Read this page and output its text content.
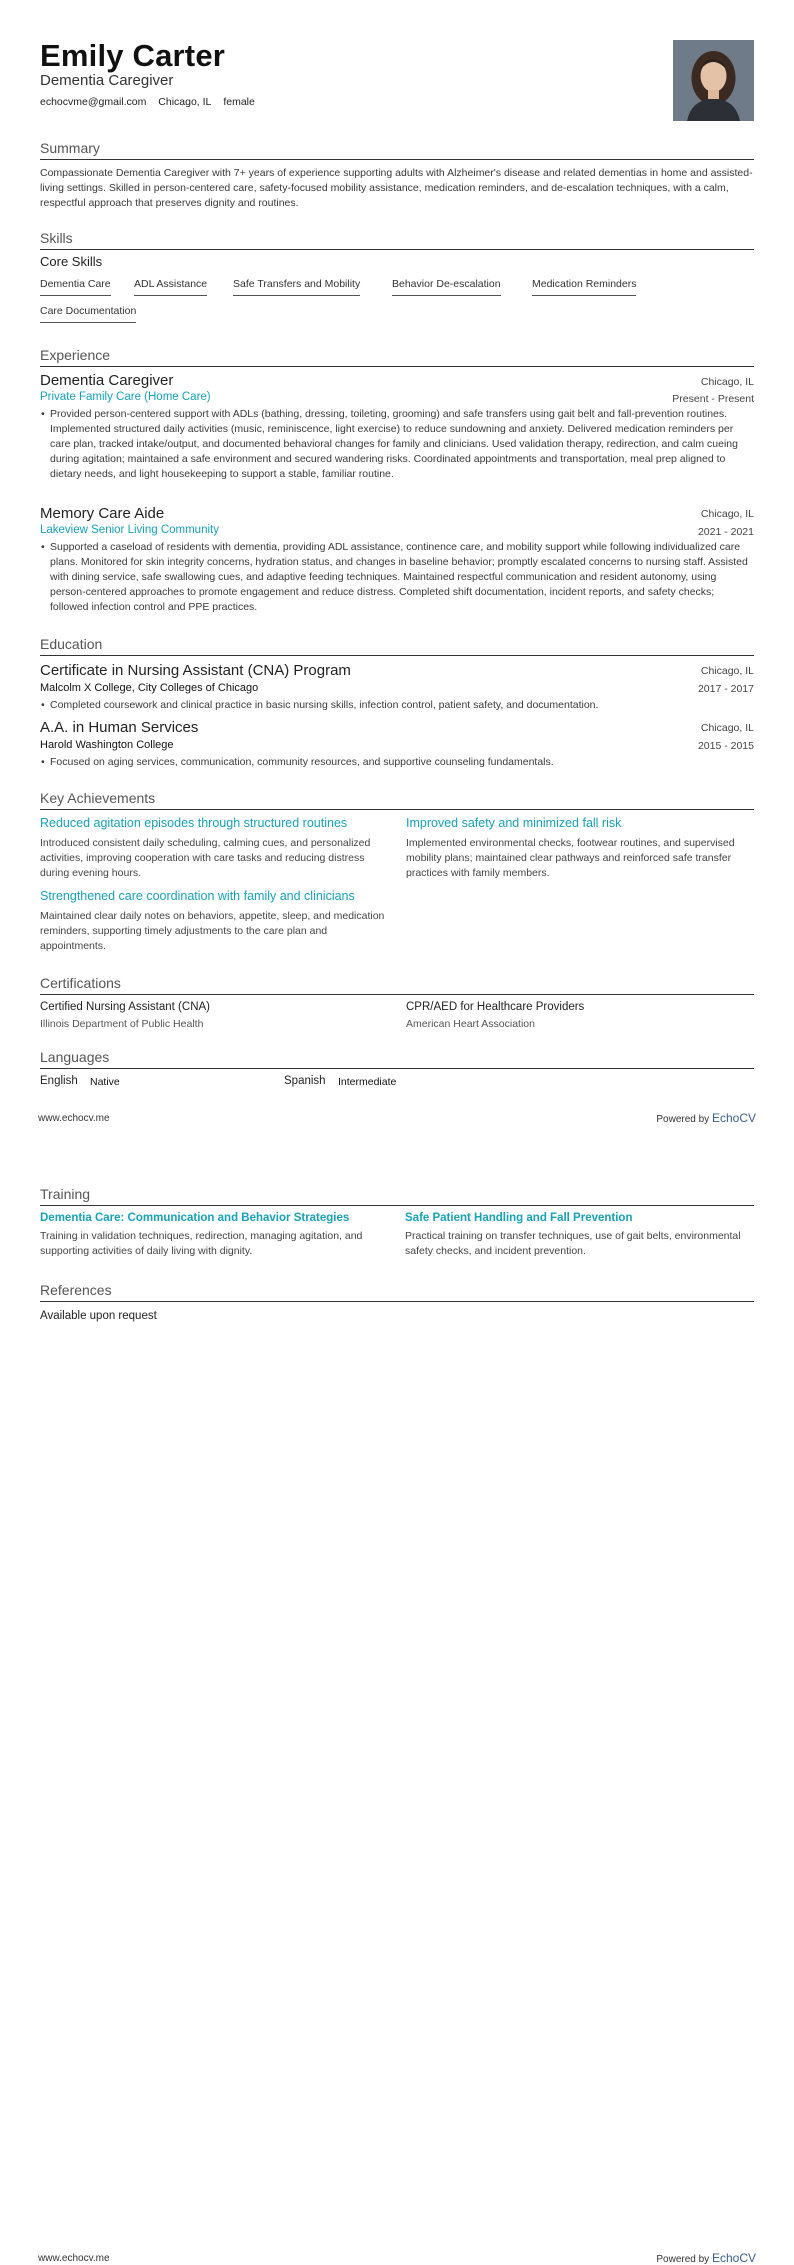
Emily Carter
Dementia Caregiver
echocvme@gmail.com Chicago, IL female
Summary
Compassionate Dementia Caregiver with 7+ years of experience supporting adults with Alzheimer's disease and related dementias in home and assisted-living settings. Skilled in person-centered care, safety-focused mobility assistance, medication reminders, and de-escalation techniques, with a calm, respectful approach that preserves dignity and routines.
Skills
Core Skills
Dementia Care ADL Assistance Safe Transfers and Mobility	Behavior De-escalation	Medication Reminders
Care Documentation
Experience
Dementia Caregiver	Chicago, IL
Private Family Care (Home Care)	Present - Present
• Provided person-centered support with ADLs (bathing, dressing, toileting, grooming) and safe transfers using gait belt and fall-prevention routines. Implemented structured daily activities (music, reminiscence, light exercise) to reduce sundowning and anxiety. Delivered medication reminders per care plan, tracked intake/output, and documented behavioral changes for family and clinicians. Used validation therapy, redirection, and calm cueing during agitation; maintained a safe environment and secured wandering risks. Coordinated appointments and transportation, meal prep aligned to dietary needs, and light housekeeping to support a stable, familiar routine.
Memory Care Aide	Chicago, IL
Lakeview Senior Living Community	2021 - 2021
• Supported a caseload of residents with dementia, providing ADL assistance, continence care, and mobility support while following individualized care plans. Monitored for skin integrity concerns, hydration status, and changes in baseline behavior; promptly escalated concerns to nursing staff. Assisted with dining service, safe swallowing cues, and adaptive feeding techniques. Maintained respectful communication and resident autonomy, using person-centered approaches to promote engagement and reduce distress. Completed shift documentation, incident reports, and safety checks; followed infection control and PPE practices.
Education
Certificate in Nursing Assistant (CNA) Program	Chicago, IL
Malcolm X College, City Colleges of Chicago	2017 - 2017
• Completed coursework and clinical practice in basic nursing skills, infection control, patient safety, and documentation.
A.A. in Human Services	Chicago, IL
Harold Washington College	2015 - 2015
• Focused on aging services, communication, community resources, and supportive counseling fundamentals.
Key Achievements
Reduced agitation episodes through structured routines
Introduced consistent daily scheduling, calming cues, and personalized activities, improving cooperation with care tasks and reducing distress during evening hours.
Improved safety and minimized fall risk
Implemented environmental checks, footwear routines, and supervised mobility plans; maintained clear pathways and reinforced safe transfer practices with family members.
Strengthened care coordination with family and clinicians
Maintained clear daily notes on behaviors, appetite, sleep, and medication reminders, supporting timely adjustments to the care plan and appointments.
Certifications
Certified Nursing Assistant (CNA)
Illinois Department of Public Health
CPR/AED for Healthcare Providers
American Heart Association
Languages
English Native	Spanish Intermediate
www.echocv.me	Powered by EchoCV
Training
Dementia Care: Communication and Behavior Strategies
Training in validation techniques, redirection, managing agitation, and supporting activities of daily living with dignity.
Safe Patient Handling and Fall Prevention
Practical training on transfer techniques, use of gait belts, environmental safety checks, and incident prevention.
References
Available upon request
www.echocv.me	Powered by EchoCV
